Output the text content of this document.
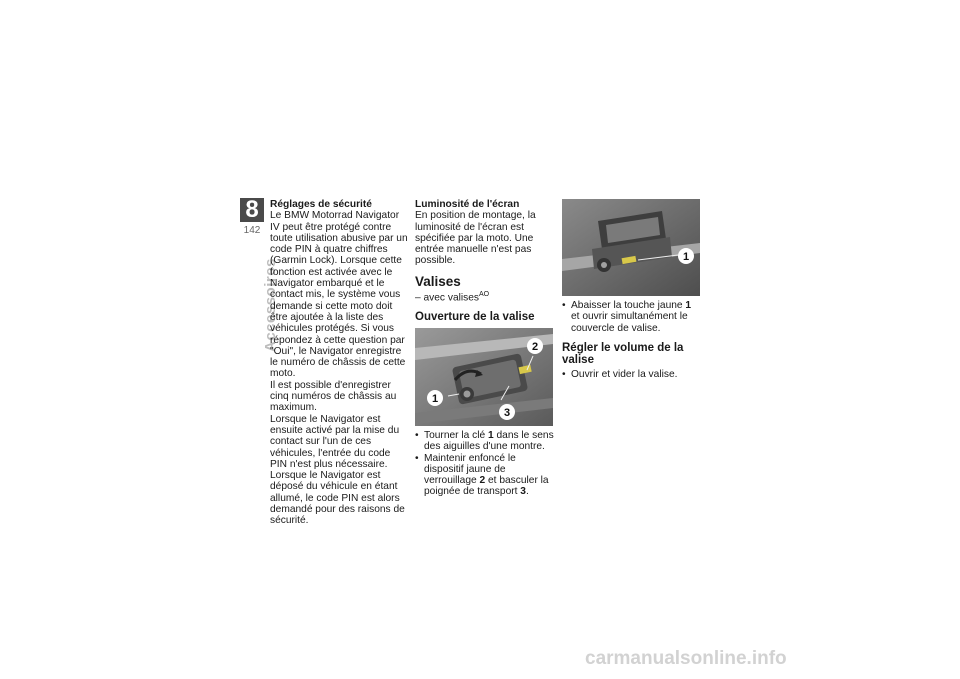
8
142
Accessoires

Réglages de sécurité

Le BMW Motorrad Navigator IV peut être protégé contre toute utilisation abusive par un code PIN à quatre chiffres (Garmin Lock). Lorsque cette fonction est activée avec le Navigator embarqué et le contact mis, le système vous demande si cette moto doit être ajoutée à la liste des véhicules protégés. Si vous répondez à cette question par "Oui", le Navigator enregistre le numéro de châssis de cette moto.

Il est possible d'enregistrer cinq numéros de châssis au maximum.

Lorsque le Navigator est ensuite activé par la mise du contact sur l'un de ces véhicules, l'entrée du code PIN n'est plus nécessaire.

Lorsque le Navigator est déposé du véhicule en étant allumé, le code PIN est alors demandé pour des raisons de sécurité.

Luminosité de l'écran

En position de montage, la luminosité de l'écran est spécifiée par la moto. Une entrée manuelle n'est pas possible.

Valises

– avec valises$^{AO}$

Ouverture de la valise

1
2
3
• Tourner la clé 1 dans le sens des aiguilles d'une montre.
• Maintenir enfoncé le dispositif jaune de verrouillage 2 et basculer la poignée de transport 3.
1
• Abaisser la touche jaune 1 et ouvrir simultanément le couvercle de valise.

Régler le volume de la valise

• Ouvrir et vider la valise.
carmanualsonline.info
